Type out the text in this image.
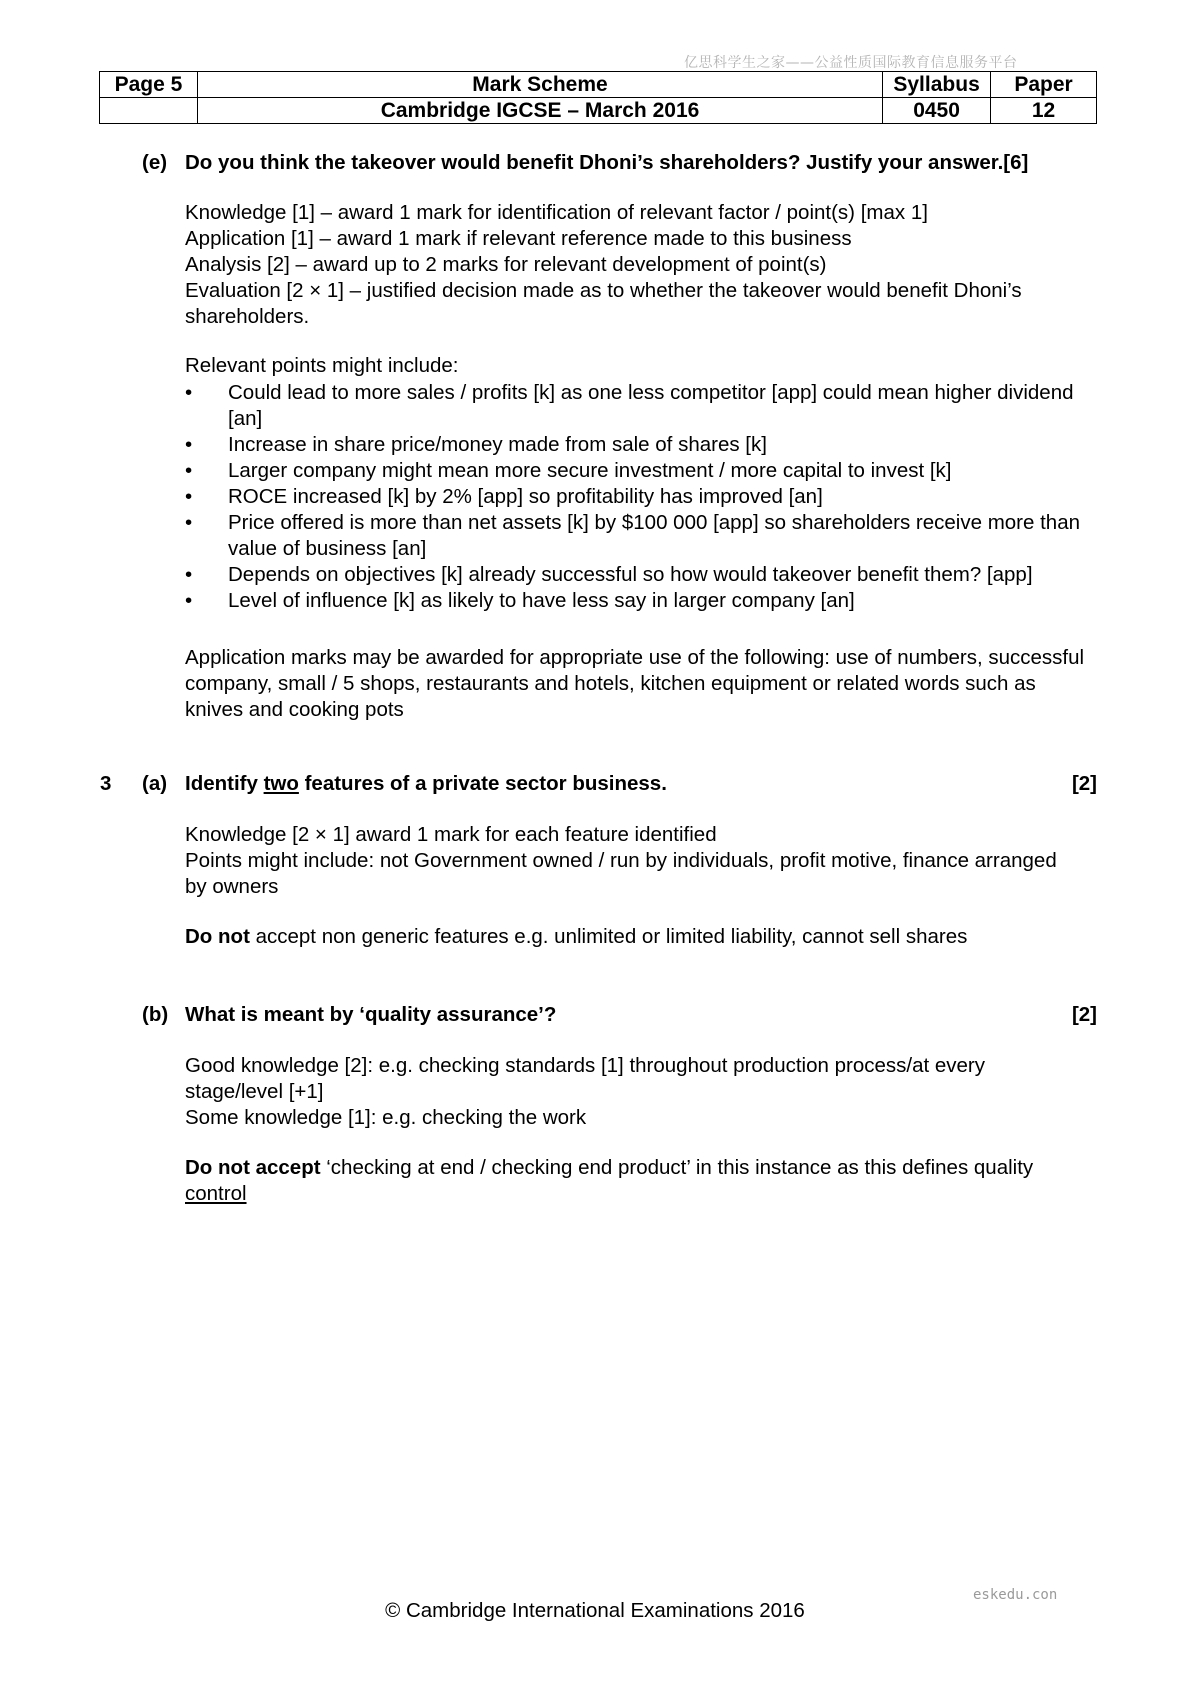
亿思科学生之家——公益性质国际教育信息服务平台
Page 5	Mark Scheme	Syllabus	Paper
	Cambridge IGCSE – March 2016	0450	12
(e) Do you think the takeover would benefit Dhoni’s shareholders? Justify your answer.[6]

Knowledge [1] – award 1 mark for identification of relevant factor / point(s) [max 1]

Application [1] – award 1 mark if relevant reference made to this business

Analysis [2] – award up to 2 marks for relevant development of point(s)

Evaluation [2 × 1] – justified decision made as to whether the takeover would benefit Dhoni’s shareholders.

Relevant points might include:

• Could lead to more sales / profits [k] as one less competitor [app] could mean higher dividend [an]
• Increase in share price/money made from sale of shares [k]
• Larger company might mean more secure investment / more capital to invest [k]
• ROCE increased [k] by 2% [app] so profitability has improved [an]
• Price offered is more than net assets [k] by $100 000 [app] so shareholders receive more than value of business [an]
• Depends on objectives [k] already successful so how would takeover benefit them? [app]
• Level of influence [k] as likely to have less say in larger company [an]

Application marks may be awarded for appropriate use of the following: use of numbers, successful company, small / 5 shops, restaurants and hotels, kitchen equipment or related words such as knives and cooking pots

3 (a) Identify two features of a private sector business.	[2]

Knowledge [2 × 1] award 1 mark for each feature identified

Points might include: not Government owned / run by individuals, profit motive, finance arranged by owners

Do not accept non generic features e.g. unlimited or limited liability, cannot sell shares

(b) What is meant by ‘quality assurance’?	[2]

Good knowledge [2]: e.g. checking standards [1] throughout production process/at every stage/level [+1]

Some knowledge [1]: e.g. checking the work

Do not accept ‘checking at end / checking end product’ in this instance as this defines quality control

eskedu.con
© Cambridge International Examinations 2016
